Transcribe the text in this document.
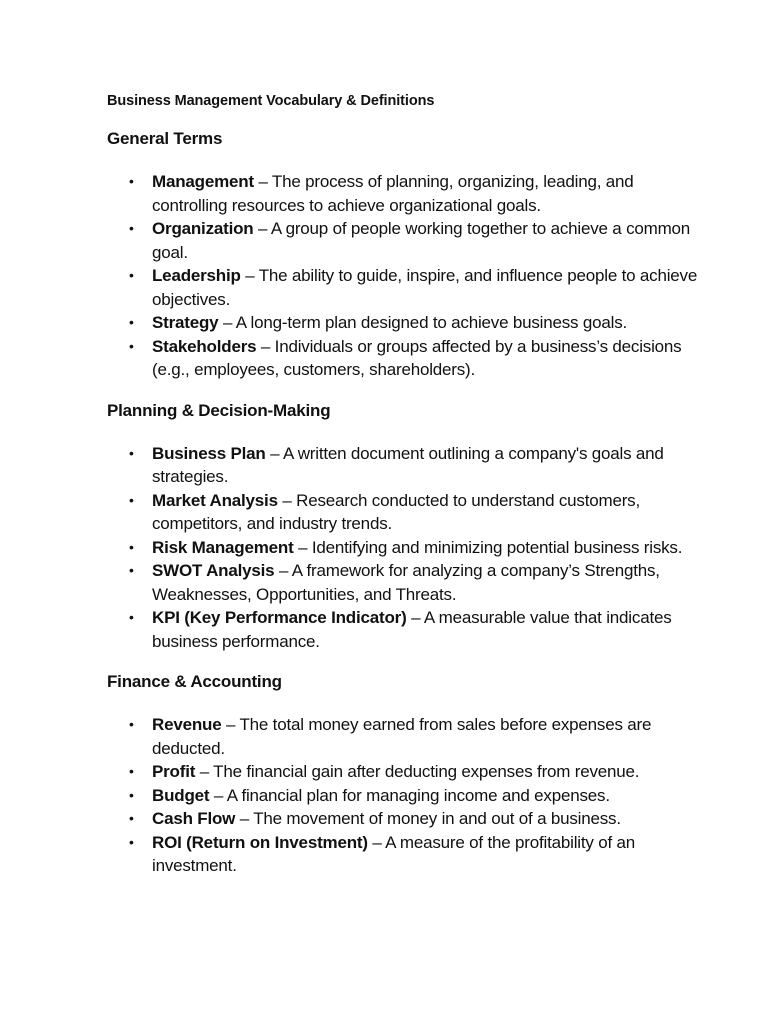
Business Management Vocabulary & Definitions
General Terms
• Management – The process of planning, organizing, leading, and controlling resources to achieve organizational goals.
• Organization – A group of people working together to achieve a common goal.
• Leadership – The ability to guide, inspire, and influence people to achieve objectives.
• Strategy – A long-term plan designed to achieve business goals.
• Stakeholders – Individuals or groups affected by a business’s decisions (e.g., employees, customers, shareholders).
Planning & Decision-Making
• Business Plan – A written document outlining a company's goals and strategies.
• Market Analysis – Research conducted to understand customers, competitors, and industry trends.
• Risk Management – Identifying and minimizing potential business risks.
• SWOT Analysis – A framework for analyzing a company’s Strengths, Weaknesses, Opportunities, and Threats.
• KPI (Key Performance Indicator) – A measurable value that indicates business performance.
Finance & Accounting
• Revenue – The total money earned from sales before expenses are deducted.
• Profit – The financial gain after deducting expenses from revenue.
• Budget – A financial plan for managing income and expenses.
• Cash Flow – The movement of money in and out of a business.
• ROI (Return on Investment) – A measure of the profitability of an investment.
